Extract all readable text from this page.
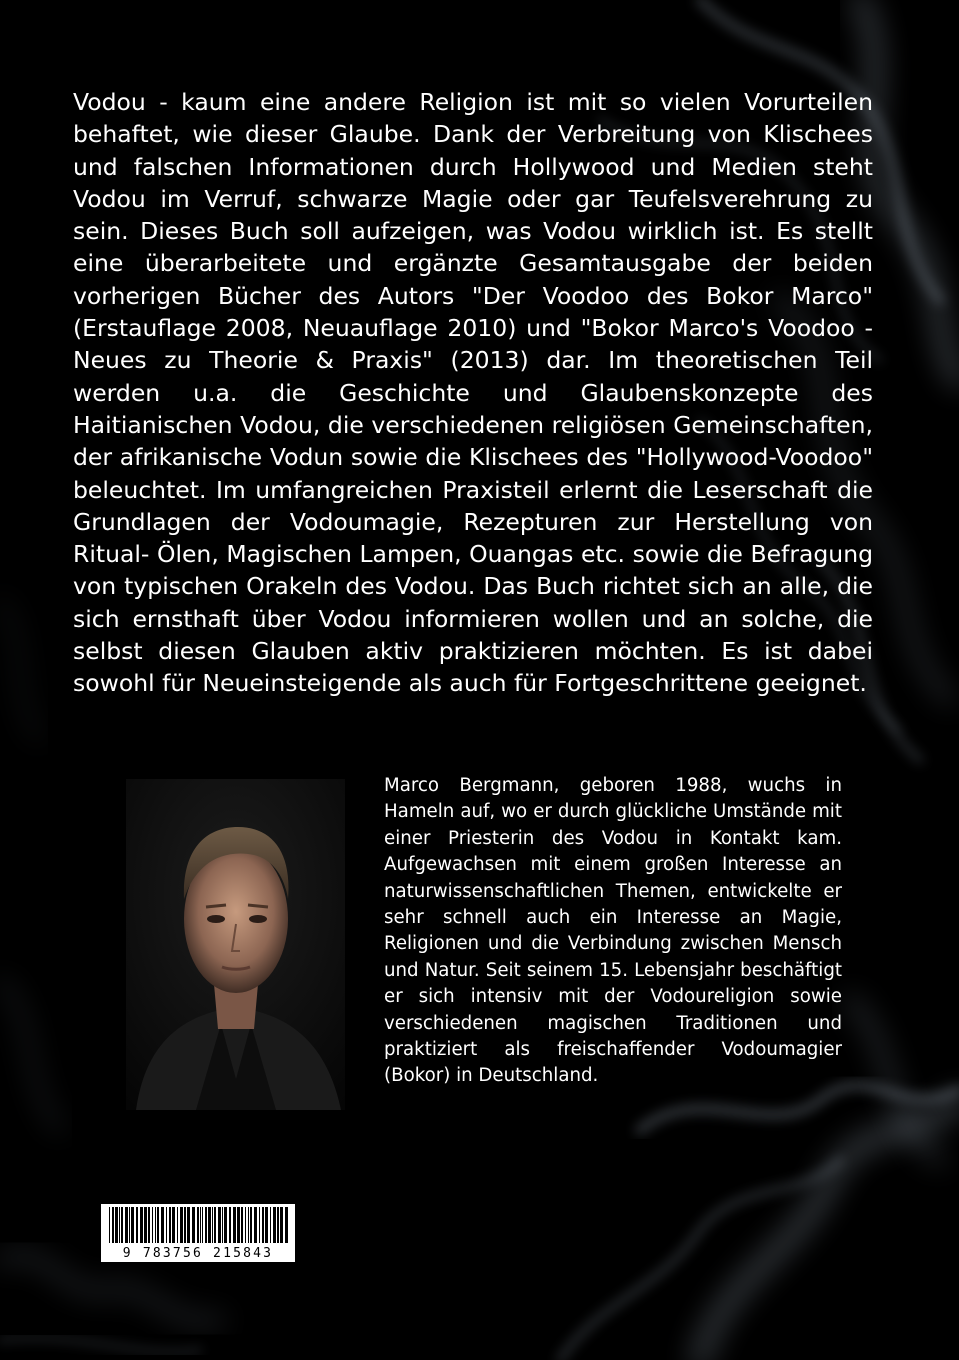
Vodou - kaum eine andere Religion ist mit so vielen Vorurteilen behaftet, wie dieser Glaube. Dank der Verbreitung von Klischees und falschen Informationen durch Hollywood und Medien steht Vodou im Verruf, schwarze Magie oder gar Teufelsverehrung zu sein. Dieses Buch soll aufzeigen, was Vodou wirklich ist. Es stellt eine überarbeitete und ergänzte Gesamtausgabe der beiden vorherigen Bücher des Autors "Der Voodoo des Bokor Marco" (Erstauflage 2008, Neuauflage 2010) und "Bokor Marco's Voodoo - Neues zu Theorie & Praxis" (2013) dar. Im theoretischen Teil werden u.a. die Geschichte und Glaubenskonzepte des Haitianischen Vodou, die verschiedenen religiösen Gemeinschaften, der afrikanische Vodun sowie die Klischees des "Hollywood-Voodoo" beleuchtet. Im umfangreichen Praxisteil erlernt die Leserschaft die Grundlagen der Vodoumagie, Rezepturen zur Herstellung von Ritual- Ölen, Magischen Lampen, Ouangas etc. sowie die Befragung von typischen Orakeln des Vodou. Das Buch richtet sich an alle, die sich ernsthaft über Vodou informieren wollen und an solche, die selbst diesen Glauben aktiv praktizieren möchten. Es ist dabei sowohl für Neueinsteigende als auch für Fortgeschrittene geeignet.

Marco Bergmann, geboren 1988, wuchs in Hameln auf, wo er durch glückliche Umstände mit einer Priesterin des Vodou in Kontakt kam. Aufgewachsen mit einem großen Interesse an naturwissenschaftlichen Themen, entwickelte er sehr schnell auch ein Interesse an Magie, Religionen und die Verbindung zwischen Mensch und Natur. Seit seinem 15. Lebensjahr beschäftigt er sich intensiv mit der Vodoureligion sowie verschiedenen magischen Traditionen und praktiziert als freischaffender Vodoumagier (Bokor) in Deutschland.

9 783756 215843
